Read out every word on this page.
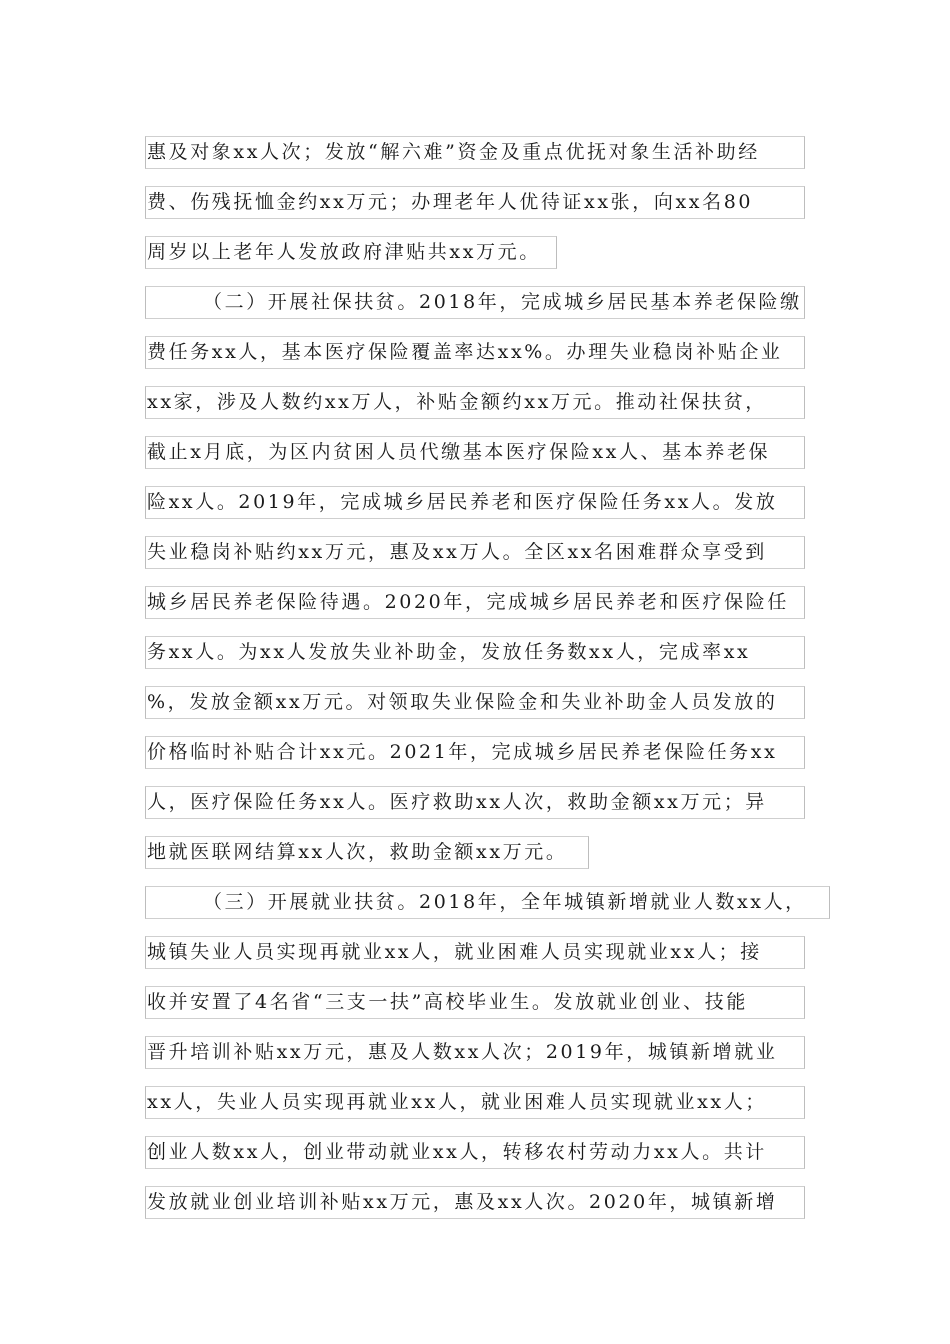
惠及对象xx人次；发放“解六难”资金及重点优抚对象生活补助经
费、伤残抚恤金约xx万元；办理老年人优待证xx张，向xx名80
周岁以上老年人发放政府津贴共xx万元。
（二）开展社保扶贫。2018年，完成城乡居民基本养老保险缴
费任务xx人，基本医疗保险覆盖率达xx%。办理失业稳岗补贴企业
xx家，涉及人数约xx万人，补贴金额约xx万元。推动社保扶贫，
截止x月底，为区内贫困人员代缴基本医疗保险xx人、基本养老保
险xx人。2019年，完成城乡居民养老和医疗保险任务xx人。发放
失业稳岗补贴约xx万元，惠及xx万人。全区xx名困难群众享受到
城乡居民养老保险待遇。2020年，完成城乡居民养老和医疗保险任
务xx人。为xx人发放失业补助金，发放任务数xx人，完成率xx
%，发放金额xx万元。对领取失业保险金和失业补助金人员发放的
价格临时补贴合计xx元。2021年，完成城乡居民养老保险任务xx
人，医疗保险任务xx人。医疗救助xx人次，救助金额xx万元；异
地就医联网结算xx人次，救助金额xx万元。
（三）开展就业扶贫。2018年，全年城镇新增就业人数xx人，
城镇失业人员实现再就业xx人，就业困难人员实现就业xx人；接
收并安置了4名省“三支一扶”高校毕业生。发放就业创业、技能
晋升培训补贴xx万元，惠及人数xx人次；2019年，城镇新增就业
xx人，失业人员实现再就业xx人，就业困难人员实现就业xx人；
创业人数xx人，创业带动就业xx人，转移农村劳动力xx人。共计
发放就业创业培训补贴xx万元，惠及xx人次。2020年，城镇新增
